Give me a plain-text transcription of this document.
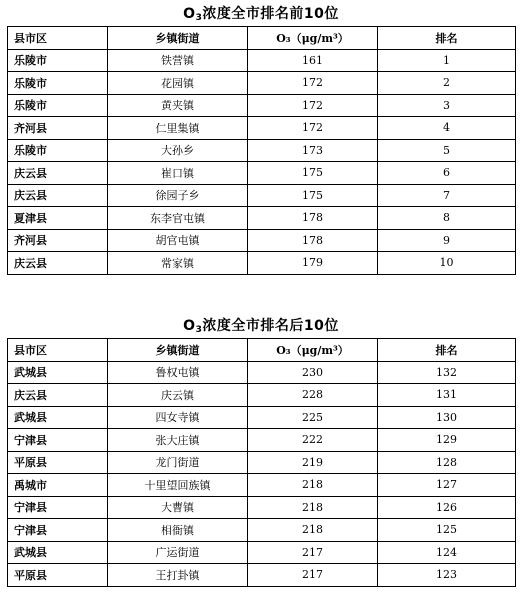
$O_3$浓度全市排名前10位
县市区	乡镇街道	O₃（μg/m³）	排名
乐陵市	铁营镇	161	1
乐陵市	花园镇	172	2
乐陵市	黄夹镇	172	3
齐河县	仁里集镇	172	4
乐陵市	大孙乡	173	5
庆云县	崔口镇	175	6
庆云县	徐园子乡	175	7
夏津县	东李官屯镇	178	8
齐河县	胡官屯镇	178	9
庆云县	常家镇	179	10
$O_3$浓度全市排名后10位
县市区	乡镇街道	O₃（μg/m³）	排名
武城县	鲁权屯镇	230	132
庆云县	庆云镇	228	131
武城县	四女寺镇	225	130
宁津县	张大庄镇	222	129
平原县	龙门街道	219	128
禹城市	十里望回族镇	218	127
宁津县	大曹镇	218	126
宁津县	相衙镇	218	125
武城县	广运街道	217	124
平原县	王打卦镇	217	123
